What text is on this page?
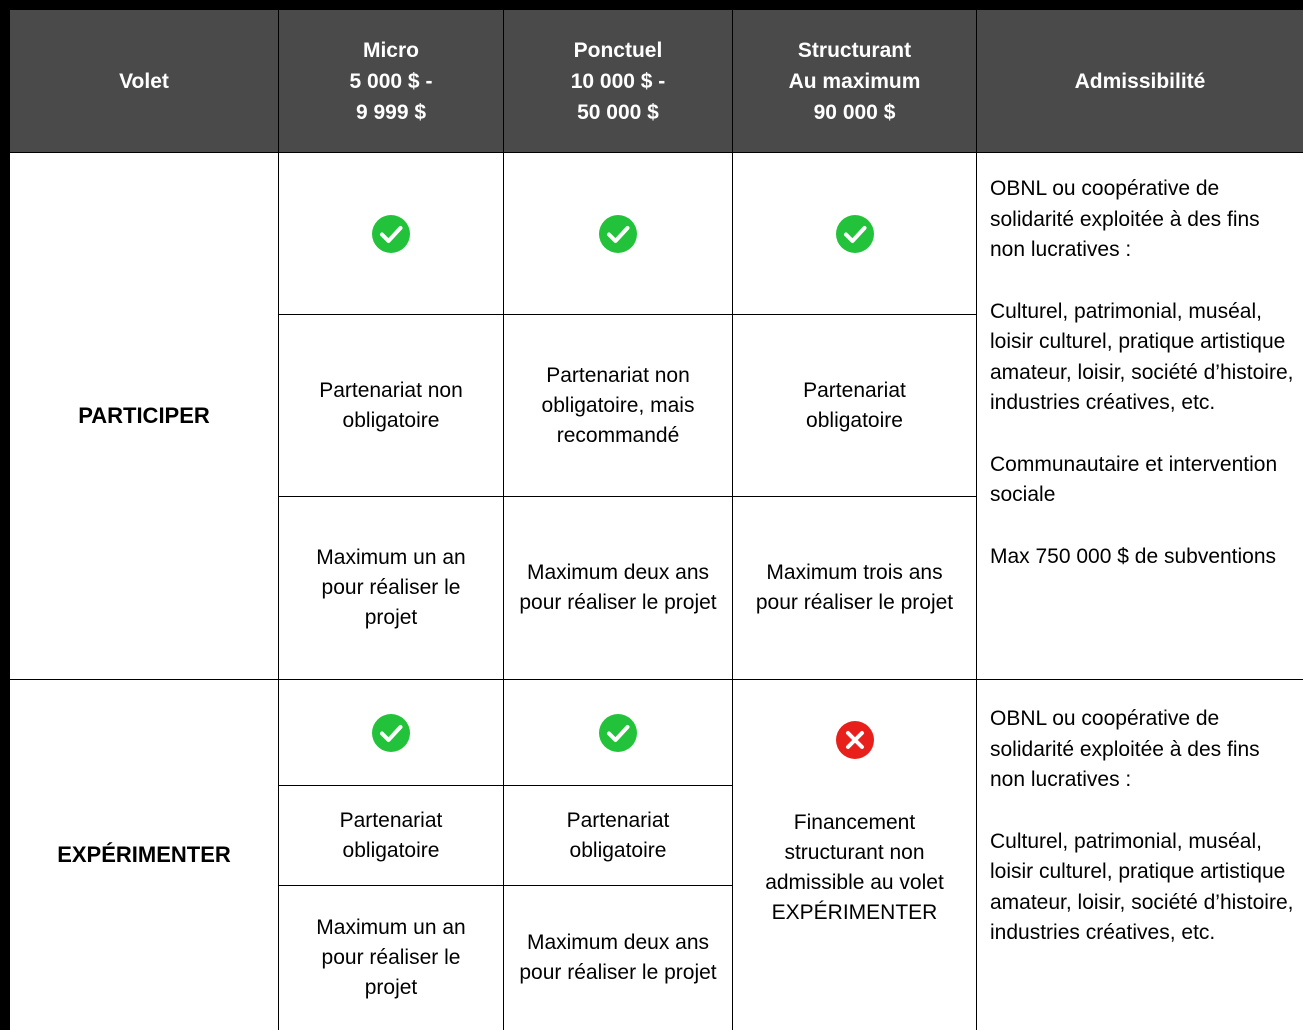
Volet
Micro
5 000 $ -
9 999 $
Ponctuel
10 000 $ -
50 000 $
Structurant
Au maximum
90 000 $
Admissibilité
PARTICIPER
Partenariat non obligatoire
Partenariat non obligatoire, mais recommandé
Partenariat obligatoire
Maximum un an pour réaliser le projet
Maximum deux ans pour réaliser le projet
Maximum trois ans pour réaliser le projet

OBNL ou coopérative de solidarité exploitée à des fins non lucratives :

Culturel, patrimonial, muséal, loisir culturel, pratique artistique amateur, loisir, société d’histoire, industries créatives, etc.

Communautaire et intervention sociale

Max 750 000 $ de subventions

EXPÉRIMENTER
Partenariat obligatoire
Partenariat obligatoire
Maximum un an pour réaliser le projet
Maximum deux ans pour réaliser le projet
Financement structurant non admissible au volet EXPÉRIMENTER

OBNL ou coopérative de solidarité exploitée à des fins non lucratives :

Culturel, patrimonial, muséal, loisir culturel, pratique artistique amateur, loisir, société d’histoire, industries créatives, etc.
